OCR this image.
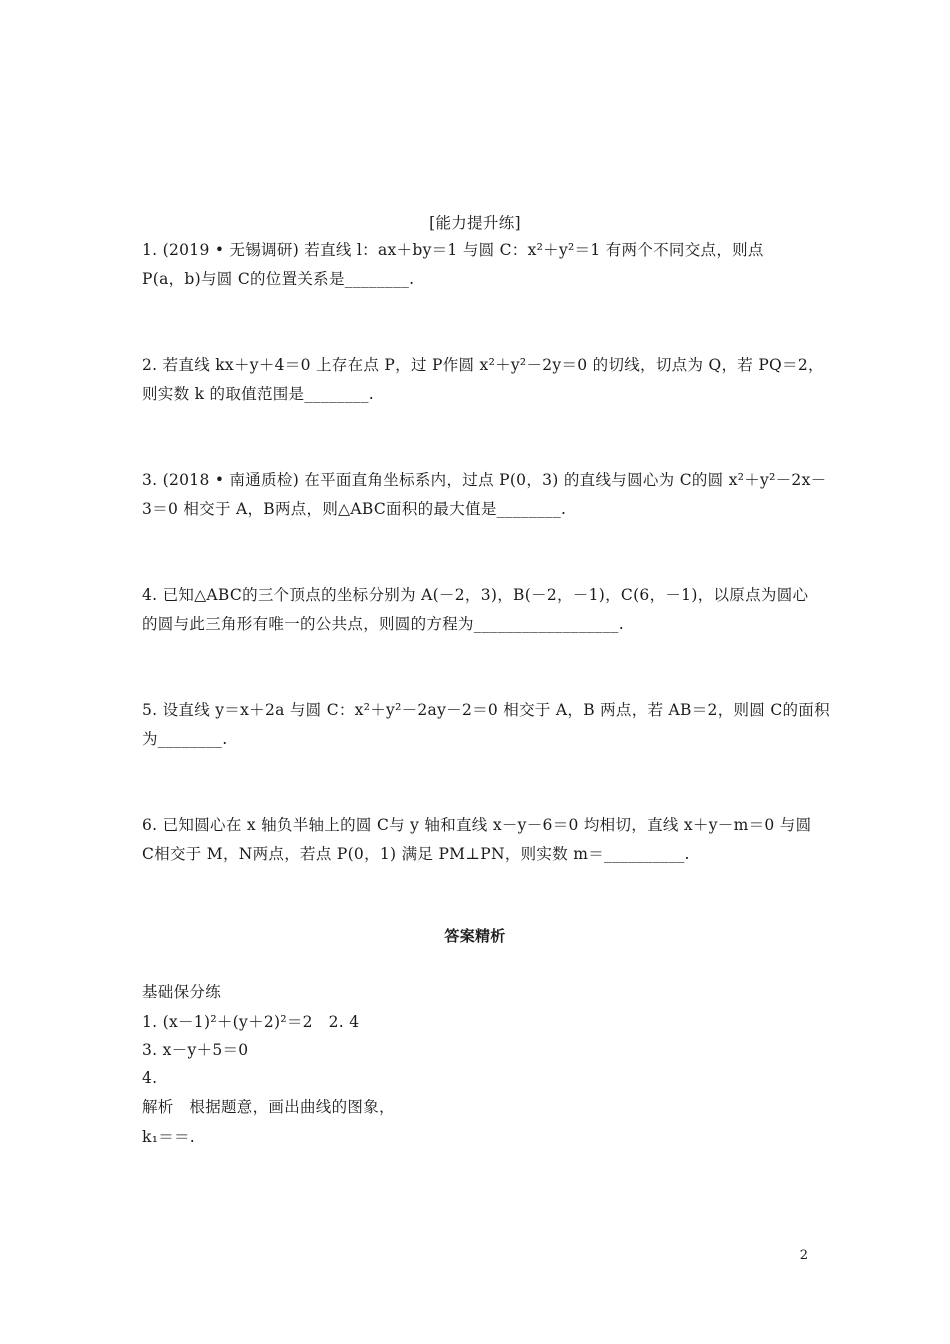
[能力提升练]
1. (2019 • 无锡调研) 若直线 l：ax＋by＝1 与圆 C：x²＋y²＝1 有两个不同交点，则点
P(a，b)与圆 C的位置关系是________.
2. 若直线 kx＋y＋4＝0 上存在点 P，过 P作圆 x²＋y²－2y＝0 的切线，切点为 Q，若 PQ＝2，
则实数 k 的取值范围是________.
3. (2018 • 南通质检) 在平面直角坐标系内，过点 P(0，3) 的直线与圆心为 C的圆 x²＋y²－2x－
3＝0 相交于 A，B两点，则△ABC面积的最大值是________.
4. 已知△ABC的三个顶点的坐标分别为 A(－2，3)，B(－2，－1)，C(6，－1)，以原点为圆心
的圆与此三角形有唯一的公共点，则圆的方程为__________________.
5. 设直线 y＝x＋2a 与圆 C：x²＋y²－2ay－2＝0 相交于 A，B 两点，若 AB＝2，则圆 C的面积
为________.
6. 已知圆心在 x 轴负半轴上的圆 C与 y 轴和直线 x－y－6＝0 均相切，直线 x＋y－m＝0 与圆
C相交于 M，N两点，若点 P(0，1) 满足 PM⊥PN，则实数 m＝__________.
答案精析
基础保分练
1. (x－1)²＋(y＋2)²＝2　2. 4
3. x－y＋5＝0
4.
解析　根据题意，画出曲线的图象，
k₁＝＝.
2
